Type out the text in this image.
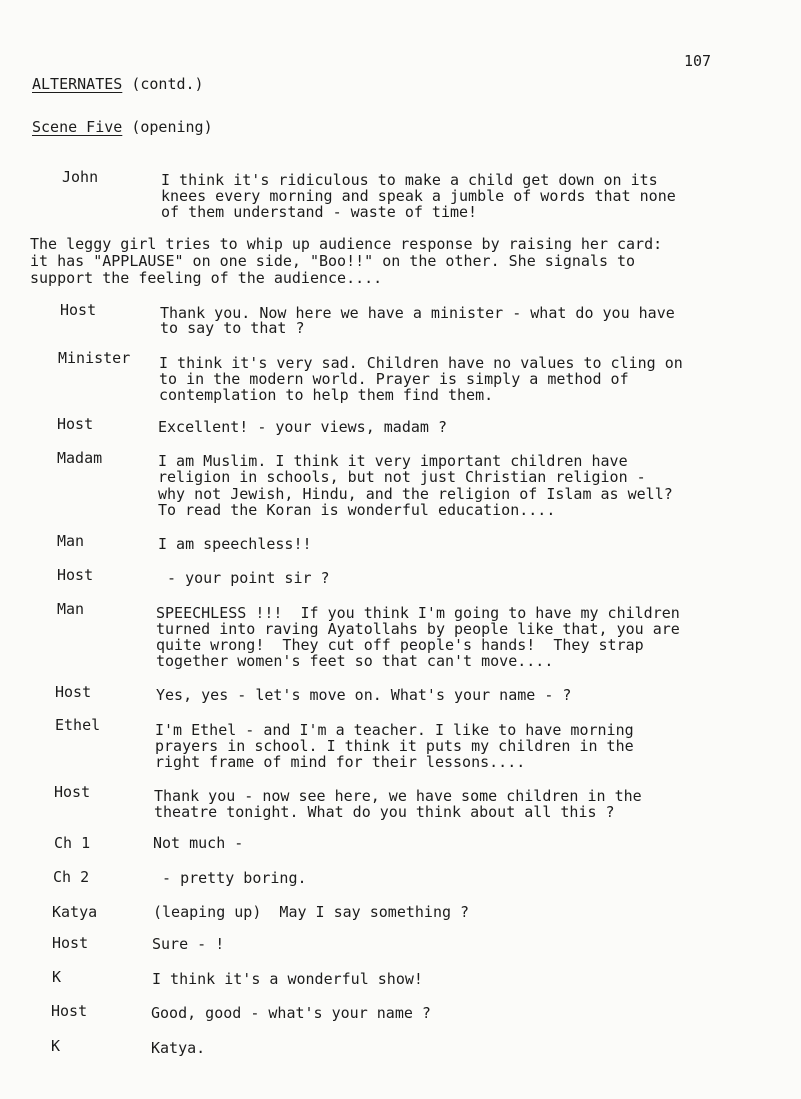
107
ALTERNATES (contd.)
Scene Five (opening)
John	I think it's ridiculous to make a child get down on its
knees every morning and speak a jumble of words that none
of them understand - waste of time!
The leggy girl tries to whip up audience response by raising her card:
it has "APPLAUSE" on one side, "Boo!!" on the other. She signals to
support the feeling of the audience....
Host	Thank you. Now here we have a minister - what do you have
to say to that ?
Minister I think it's very sad. Children have no values to cling on
to in the modern world. Prayer is simply a method of
contemplation to help them find them.
Host	Excellent! - your views, madam ?
Madam	I am Muslim. I think it very important children have
religion in schools, but not just Christian religion -
why not Jewish, Hindu, and the religion of Islam as well?
To read the Koran is wonderful education....
Man	I am speechless!!
Host	- your point sir ?
Man	SPEECHLESS !!!  If you think I'm going to have my children
turned into raving Ayatollahs by people like that, you are
quite wrong!  They cut off people's hands!  They strap
together women's feet so that can't move....
Host	Yes, yes - let's move on. What's your name - ?
Ethel	I'm Ethel - and I'm a teacher. I like to have morning
prayers in school. I think it puts my children in the
right frame of mind for their lessons....
Host	Thank you - now see here, we have some children in the
theatre tonight. What do you think about all this ?
Ch 1	Not much -
Ch 2	- pretty boring.
Katya	(leaping up)  May I say something ?
Host	Sure - !
K	I think it's a wonderful show!
Host	Good, good - what's your name ?
K	Katya.
